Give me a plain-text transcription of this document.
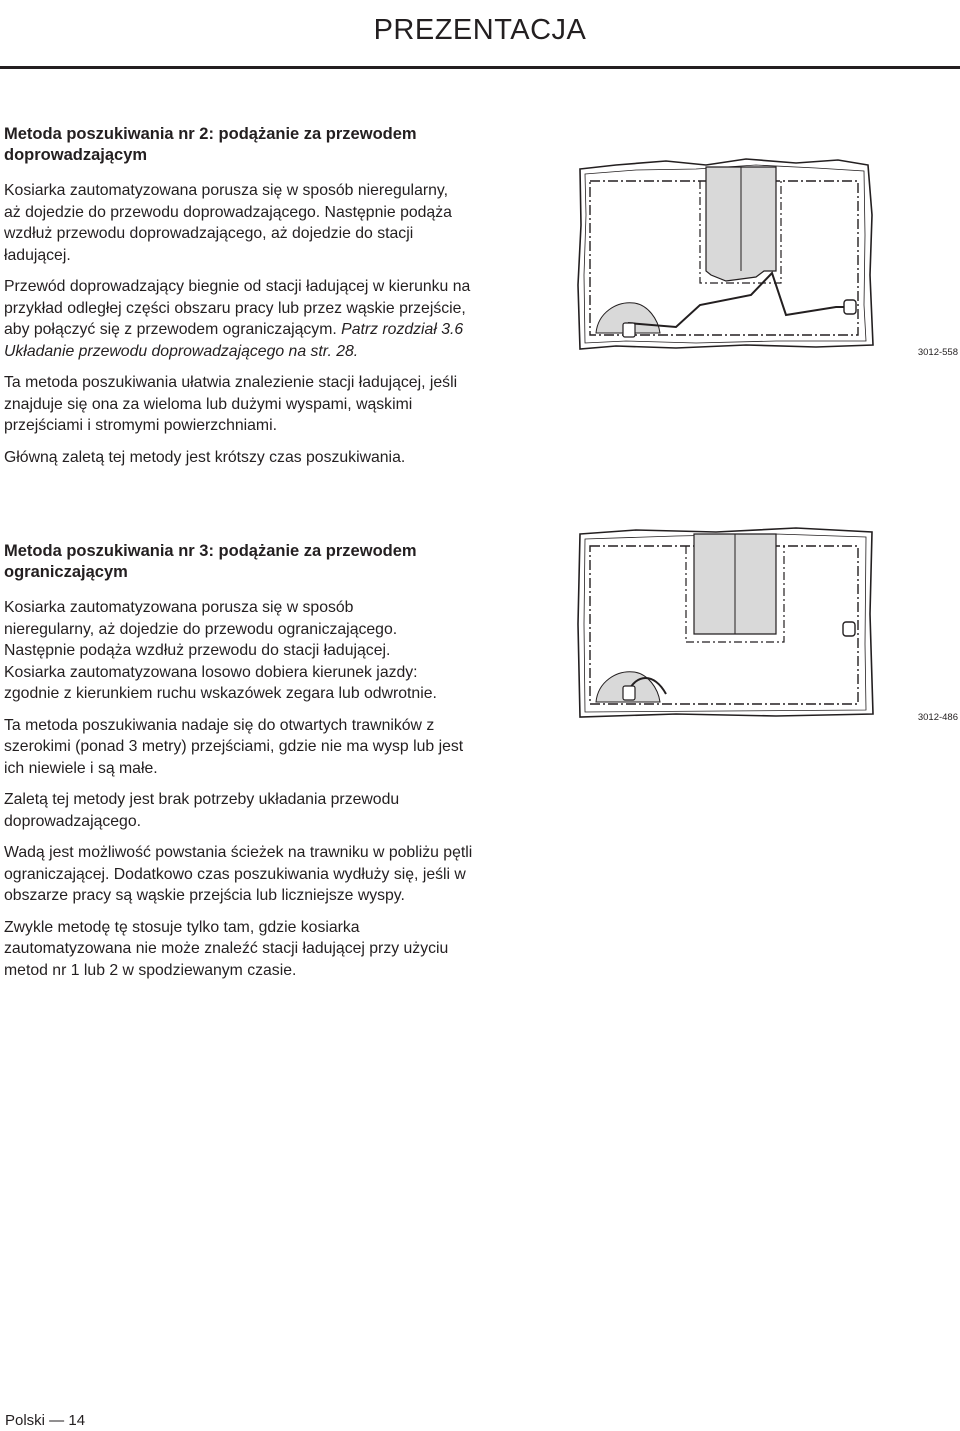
PREZENTACJA
Metoda poszukiwania nr 2: podążanie za przewodem doprowadzającym

Kosiarka zautomatyzowana porusza się w sposób nieregularny, aż dojedzie do przewodu doprowadzającego. Następnie podąża wzdłuż przewodu doprowadzającego, aż dojedzie do stacji ładującej.

Przewód doprowadzający biegnie od stacji ładującej w kierunku na przykład odległej części obszaru pracy lub przez wąskie przejście, aby połączyć się z przewodem ograniczającym. Patrz rozdział 3.6 Układanie przewodu doprowadzającego na str. 28.

Ta metoda poszukiwania ułatwia znalezienie stacji ładującej, jeśli znajduje się ona za wieloma lub dużymi wyspami, wąskimi przejściami i stromymi powierzchniami.

Główną zaletą tej metody jest krótszy czas poszukiwania.

3012-558
Metoda poszukiwania nr 3: podążanie za przewodem ograniczającym

Kosiarka zautomatyzowana porusza się w sposób nieregularny, aż dojedzie do przewodu ograniczającego. Następnie podąża wzdłuż przewodu do stacji ładującej. Kosiarka zautomatyzowana losowo dobiera kierunek jazdy: zgodnie z kierunkiem ruchu wskazówek zegara lub odwrotnie.

Ta metoda poszukiwania nadaje się do otwartych trawników z szerokimi (ponad 3 metry) przejściami, gdzie nie ma wysp lub jest ich niewiele i są małe.

Zaletą tej metody jest brak potrzeby układania przewodu doprowadzającego.

Wadą jest możliwość powstania ścieżek na trawniku w pobliżu pętli ograniczającej. Dodatkowo czas poszukiwania wydłuży się, jeśli w obszarze pracy są wąskie przejścia lub liczniejsze wyspy.

Zwykle metodę tę stosuje tylko tam, gdzie kosiarka zautomatyzowana nie może znaleźć stacji ładującej przy użyciu metod nr 1 lub 2 w spodziewanym czasie.

3012-486
Polski — 14
